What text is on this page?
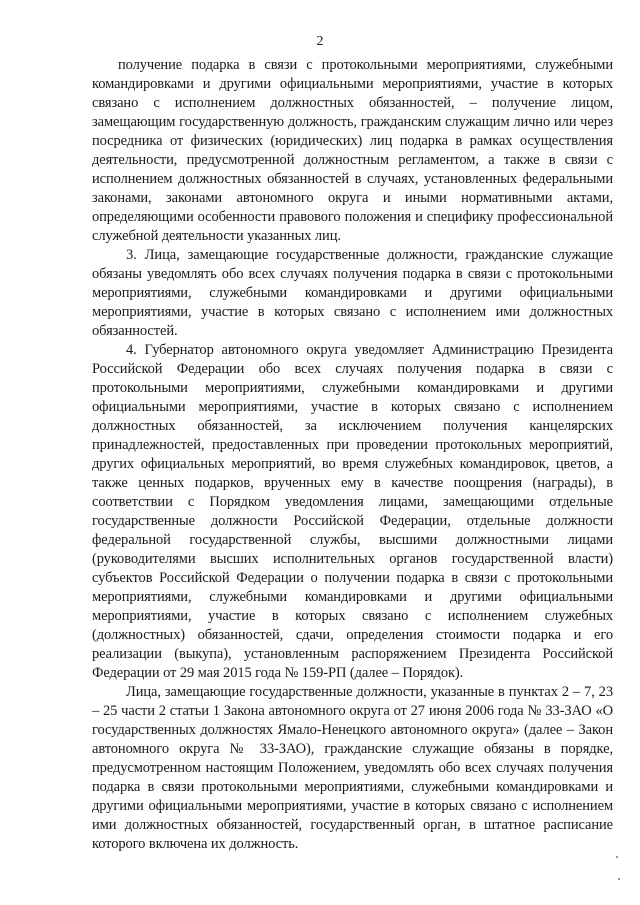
2

получение подарка в связи с протокольными мероприятиями, служебными командировками и другими официальными мероприятиями, участие в которых связано с исполнением должностных обязанностей, – получение лицом, замещающим государственную должность, гражданским служащим лично или через посредника от физических (юридических) лиц подарка в рамках осуществления деятельности, предусмотренной должностным регламентом, а также в связи с исполнением должностных обязанностей в случаях, установленных федеральными законами, законами автономного округа и иными нормативными актами, определяющими особенности правового положения и специфику профессиональной служебной деятельности указанных лиц.

3. Лица, замещающие государственные должности, гражданские служащие обязаны уведомлять обо всех случаях получения подарка в связи с протокольными мероприятиями, служебными командировками и другими официальными мероприятиями, участие в которых связано с исполнением ими должностных обязанностей.

4. Губернатор автономного округа уведомляет Администрацию Президента Российской Федерации обо всех случаях получения подарка в связи с протокольными мероприятиями, служебными командировками и другими официальными мероприятиями, участие в которых связано с исполнением должностных обязанностей, за исключением получения канцелярских принадлежностей, предоставленных при проведении протокольных мероприятий, других официальных мероприятий, во время служебных командировок, цветов, а также ценных подарков, врученных ему в качестве поощрения (награды), в соответствии с Порядком уведомления лицами, замещающими отдельные государственные должности Российской Федерации, отдельные должности федеральной государственной службы, высшими должностными лицами (руководителями высших исполнительных органов государственной власти) субъектов Российской Федерации о получении подарка в связи с протокольными мероприятиями, служебными командировками и другими официальными мероприятиями, участие в которых связано с исполнением служебных (должностных) обязанностей, сдачи, определения стоимости подарка и его реализации (выкупа), установленным распоряжением Президента Российской Федерации от 29 мая 2015 года № 159-РП (далее – Порядок).

Лица, замещающие государственные должности, указанные в пунктах 2 – 7, 23 – 25 части 2 статьи 1 Закона автономного округа от 27 июня 2006 года № 33-ЗАО «О государственных должностях Ямало-Ненецкого автономного округа» (далее – Закон автономного округа № 33-ЗАО), гражданские служащие обязаны в порядке, предусмотренном настоящим Положением, уведомлять обо всех случаях получения подарка в связи протокольными мероприятиями, служебными командировками и другими официальными мероприятиями, участие в которых связано с исполнением ими должностных обязанностей, государственный орган, в штатное расписание которого включена их должность.
